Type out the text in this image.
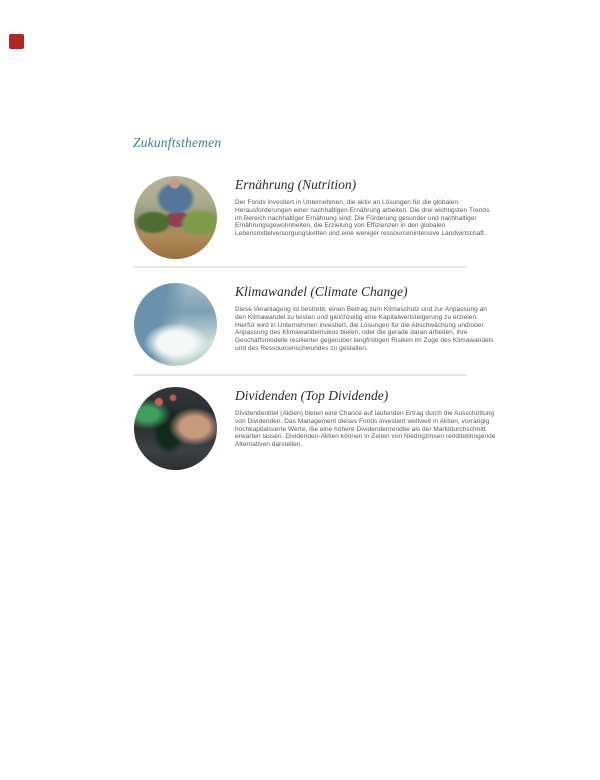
Zukunftsthemen
Ernährung (Nutrition)
Der Fonds investiert in Unternehmen, die aktiv an Lösungen für die globalen Herausforderungen einer nachhaltigen Ernährung arbeiten. Die drei wichtigsten Trends im Bereich nachhaltiger Ernährung sind: Die Förderung gesunder und nachhaltiger Ernährungsgewohnheiten, die Erzielung von Effizienzen in den globalen Lebensmittelversorgungsketten und eine weniger ressourcenintensive Landwirtschaft.
Klimawandel (Climate Change)
Diese Veranlagung ist bestrebt, einen Beitrag zum Klimaschutz und zur Anpassung an den Klimawandel zu leisten und gleichzeitig eine Kapitalwertsteigerung zu erzielen. Hierfür wird in Unternehmen investiert, die Lösungen für die Abschwächung und/oder Anpassung des Klimawandelrisikos bieten, oder die gerade daran arbeiten, ihre Geschäftsmodelle resilienter gegenüber langfristigen Risiken im Zuge des Klimawandels und des Ressourcenschwundes zu gestalten.
Dividenden (Top Dividende)
Dividendentitel (Aktien) bieten eine Chance auf laufenden Ertrag durch die Ausschüttung von Dividenden. Das Management dieses Fonds investiert weltweit in Aktien, vorrangig hochkapitalisierte Werte, die eine höhere Dividendenrendite als der Marktdurchschnitt erwarten lassen. Dividenden-Aktien können in Zeiten von Niedrigzinsen renditebringende Alternativen darstellen.
